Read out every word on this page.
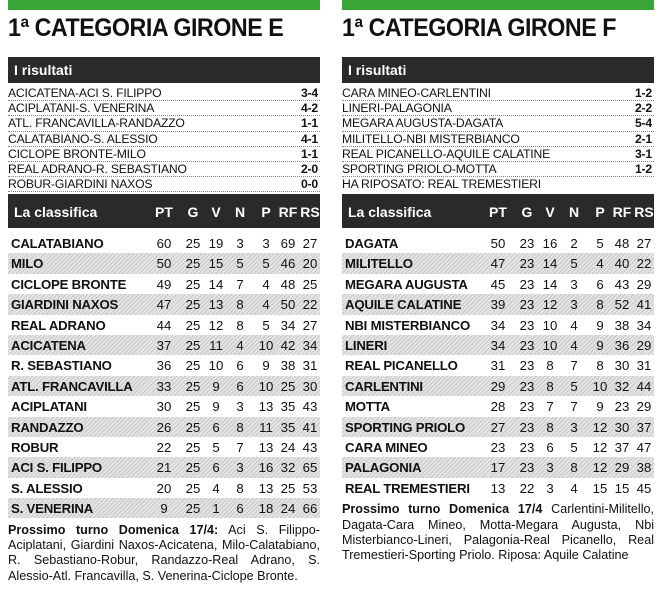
1ª CATEGORIA GIRONE E
I risultati
ACICATENA-ACI S. FILIPPO	3-4
ACIPLATANI-S. VENERINA	4-2
ATL. FRANCAVILLA-RANDAZZO	1-1
CALATABIANO-S. ALESSIO	4-1
CICLOPE BRONTE-MILO	1-1
REAL ADRANO-R. SEBASTIANO	2-0
ROBUR-GIARDINI NAXOS	0-0
La classifica	PT	G V	N	P RF RS
CALATABIANO	60	25 19 3	3 69 27
MILO	50	25 15 5	5 46 20
CICLOPE BRONTE	49	25 14 7	4 48 25
GIARDINI NAXOS	47	25 13 8	4 50 22
REAL ADRANO	44	25 12 8	5 34 27
ACICATENA	37	25 11	4	10 42 34
R. SEBASTIANO	36	25 10 6	9 38 31
ATL. FRANCAVILLA	33	25 9	6	10 25 30
ACIPLATANI	30	25 9	3	13 35 43
RANDAZZO	26	25 6	8	11 35 41
ROBUR	22	25 5	7	13 24 43
ACI S. FILIPPO	21	25 6	3	16 32 65
S. ALESSIO	20	25 4	8	13 25 53
S. VENERINA	9	25 1	6	18 24 66
Prossimo turno Domenica 17/4: Aci S. Filippo-Aciplatani, Giardini Naxos-Acicatena, Milo-Calatabiano, R. Sebastiano-Robur, Randazzo-Real Adrano, S. Alessio-Atl. Francavilla, S. Venerina-Ciclope Bronte.
1ª CATEGORIA GIRONE F
I risultati
CARA MINEO-CARLENTINI	1-2
LINERI-PALAGONIA	2-2
MEGARA AUGUSTA-DAGATA	5-4
MILITELLO-NBI MISTERBIANCO	2-1
REAL PICANELLO-AQUILE CALATINE	3-1
SPORTING PRIOLO-MOTTA	1-2
HA RIPOSATO: REAL TREMESTIERI
La classifica	PT	G V	N	P RF RS
DAGATA	50	23 16 2	5 48 27
MILITELLO	47	23 14 5	4 40 22
MEGARA AUGUSTA	45	23 14 3	6 43 29
AQUILE CALATINE	39	23 12 3	8 52 41
NBI MISTERBIANCO	34	23 10 4	9 38 34
LINERI	34	23 10 4	9 36 29
REAL PICANELLO	31	23 8	7	8 30 31
CARLENTINI	29	23 8	5	10 32 44
MOTTA	28	23 7	7	9 23 29
SPORTING PRIOLO	27	23 8	3	12 30 37
CARA MINEO	23	23 6	5	12 37 47
PALAGONIA	17	23 3	8	12 29 38
REAL TREMESTIERI	13	22 3	4	15 15 45
Prossimo turno Domenica 17/4 Carlentini-Militello, Dagata-Cara Mineo, Motta-Megara Augusta, Nbi Misterbianco-Lineri, Palagonia-Real Picanello, Real Tremestieri-Sporting Priolo. Riposa: Aquile Calatine
